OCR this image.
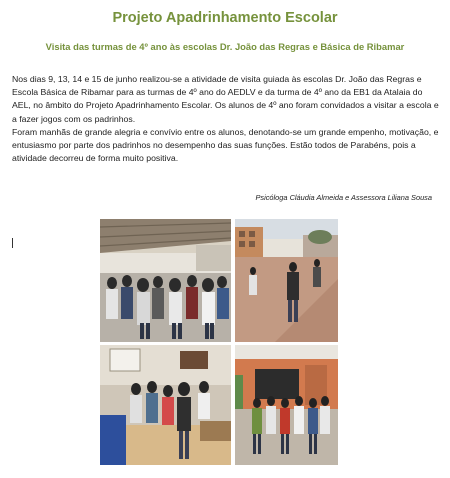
Projeto Apadrinhamento Escolar
Visita das turmas de 4º ano às escolas Dr. João das Regras e Básica de Ribamar

Nos dias 9, 13, 14 e 15 de junho realizou-se a atividade de visita guiada às escolas Dr. João das Regras e Escola Básica de Ribamar para as turmas de 4º ano do AEDLV e da turma de 4º ano da EB1 da Atalaia do AEL, no âmbito do Projeto Apadrinhamento Escolar. Os alunos de 4º ano foram convidados a visitar a escola e a fazer jogos com os padrinhos.

Foram manhãs de grande alegria e convívio entre os alunos, denotando-se um grande empenho, motivação, e entusiasmo por parte dos padrinhos no desempenho das suas funções. Estão todos de Parabéns, pois a atividade decorreu de forma muito positiva.

Psicóloga Cláudia Almeida e Assessora Liliana Sousa
